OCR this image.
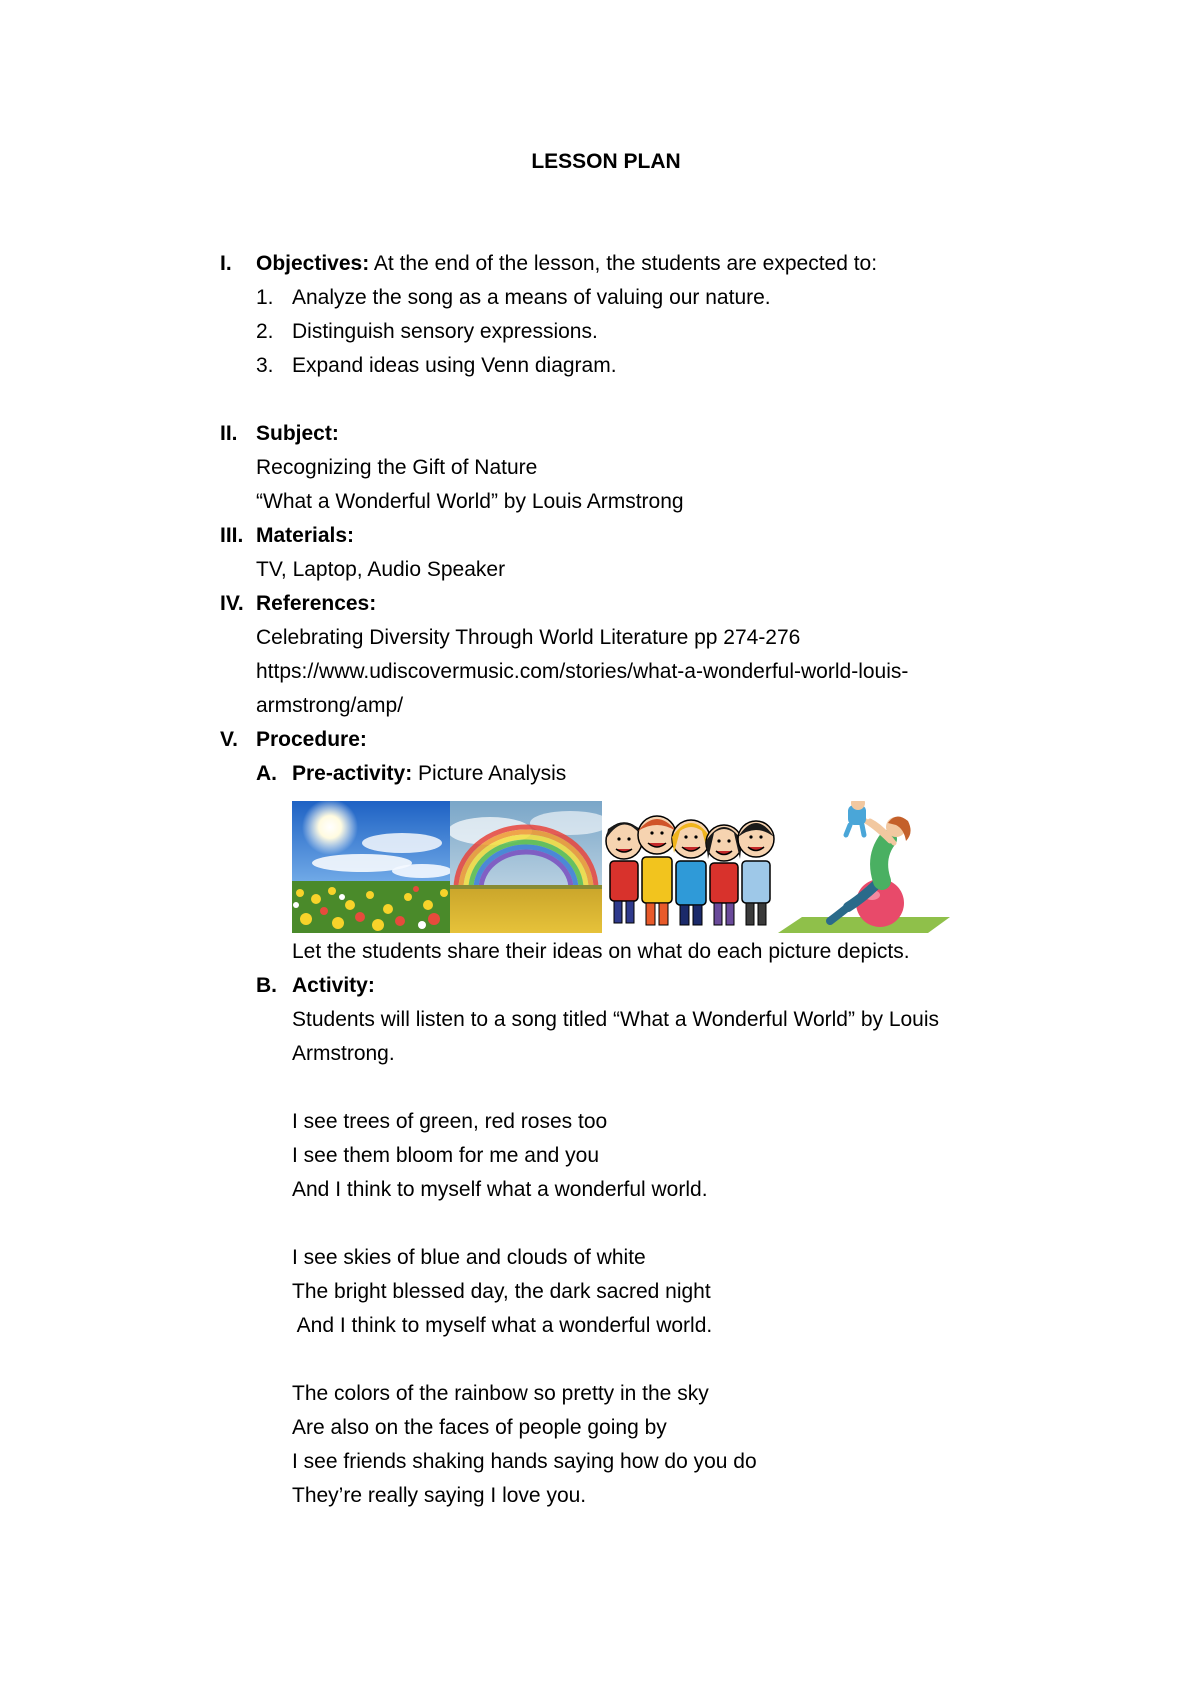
LESSON PLAN
I. Objectives: At the end of the lesson, the students are expected to:
1. Analyze the song as a means of valuing our nature.
2. Distinguish sensory expressions.
3. Expand ideas using Venn diagram.
II. Subject:
Recognizing the Gift of Nature
“What a Wonderful World” by Louis Armstrong
III. Materials:
TV, Laptop, Audio Speaker
IV. References:
Celebrating Diversity Through World Literature pp 274-276
https://www.udiscovermusic.com/stories/what-a-wonderful-world-louis-
armstrong/amp/
V. Procedure:
A. Pre-activity: Picture Analysis
Let the students share their ideas on what do each picture depicts.
B. Activity:
Students will listen to a song titled “What a Wonderful World” by Louis
Armstrong.
I see trees of green, red roses too
I see them bloom for me and you
And I think to myself what a wonderful world.
I see skies of blue and clouds of white
The bright blessed day, the dark sacred night
And I think to myself what a wonderful world.
The colors of the rainbow so pretty in the sky
Are also on the faces of people going by
I see friends shaking hands saying how do you do
They’re really saying I love you.
